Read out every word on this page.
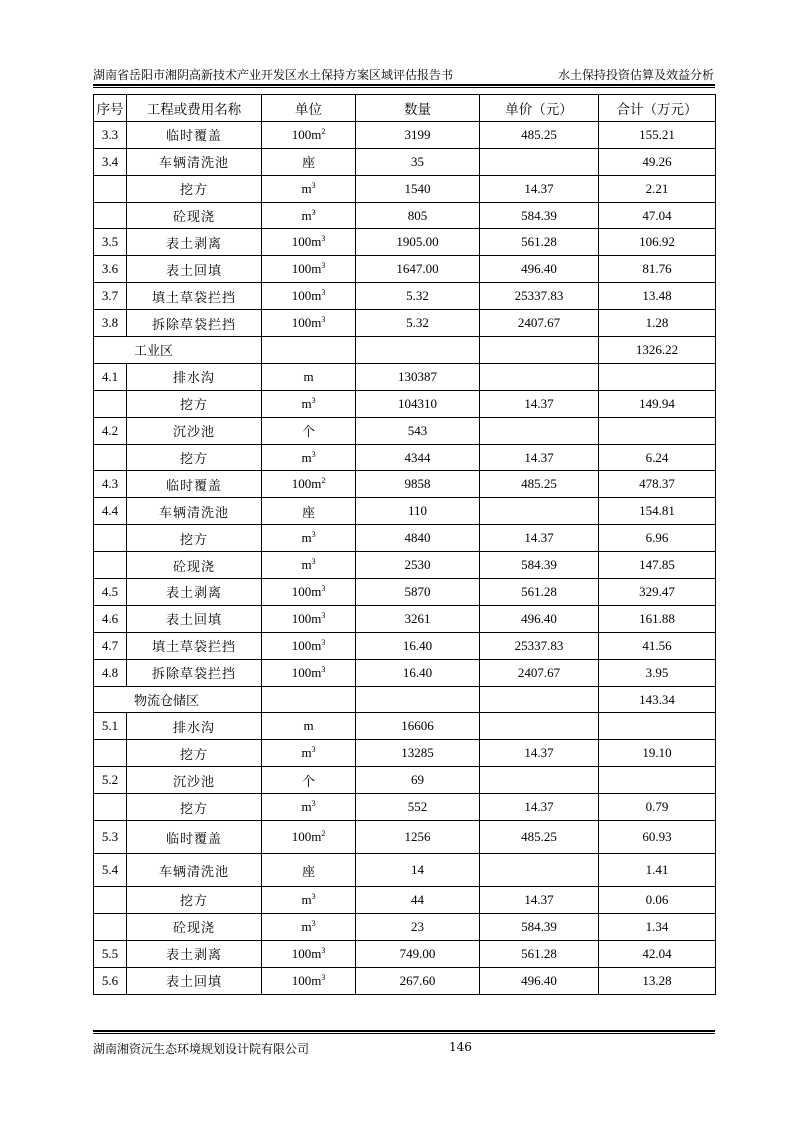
湖南省岳阳市湘阴高新技术产业开发区水土保持方案区域评估报告书	水土保持投资估算及效益分析
序号	工程或费用名称	单位	数量	单价（元）	合计（万元）
3.3	临时覆盖	$100m^2$	3199	485.25	155.21
3.4	车辆清洗池	座	35		49.26
	挖方	$m^3$	1540	14.37	2.21
	砼现浇	$m^3$	805	584.39	47.04
3.5	表土剥离	$100m^3$	1905.00	561.28	106.92
3.6	表土回填	$100m^3$	1647.00	496.40	81.76
3.7	填土草袋拦挡	$100m^3$	5.32	25337.83	13.48
3.8	拆除草袋拦挡	$100m^3$	5.32	2407.67	1.28
工业区					1326.22
4.1	排水沟	m	130387		
	挖方	$m^3$	104310	14.37	149.94
4.2	沉沙池	个	543		
	挖方	$m^3$	4344	14.37	6.24
4.3	临时覆盖	$100m^2$	9858	485.25	478.37
4.4	车辆清洗池	座	110		154.81
	挖方	$m^3$	4840	14.37	6.96
	砼现浇	$m^3$	2530	584.39	147.85
4.5	表土剥离	$100m^3$	5870	561.28	329.47
4.6	表土回填	$100m^3$	3261	496.40	161.88
4.7	填土草袋拦挡	$100m^3$	16.40	25337.83	41.56
4.8	拆除草袋拦挡	$100m^3$	16.40	2407.67	3.95
物流仓储区					143.34
5.1	排水沟	m	16606		
	挖方	$m^3$	13285	14.37	19.10
5.2	沉沙池	个	69		
	挖方	$m^3$	552	14.37	0.79
5.3	临时覆盖	$100m^2$	1256	485.25	60.93
5.4	车辆清洗池	座	14		1.41
	挖方	$m^3$	44	14.37	0.06
	砼现浇	$m^3$	23	584.39	1.34
5.5	表土剥离	$100m^3$	749.00	561.28	42.04
5.6	表土回填	$100m^3$	267.60	496.40	13.28
湖南湘资沅生态环境规划设计院有限公司	146
